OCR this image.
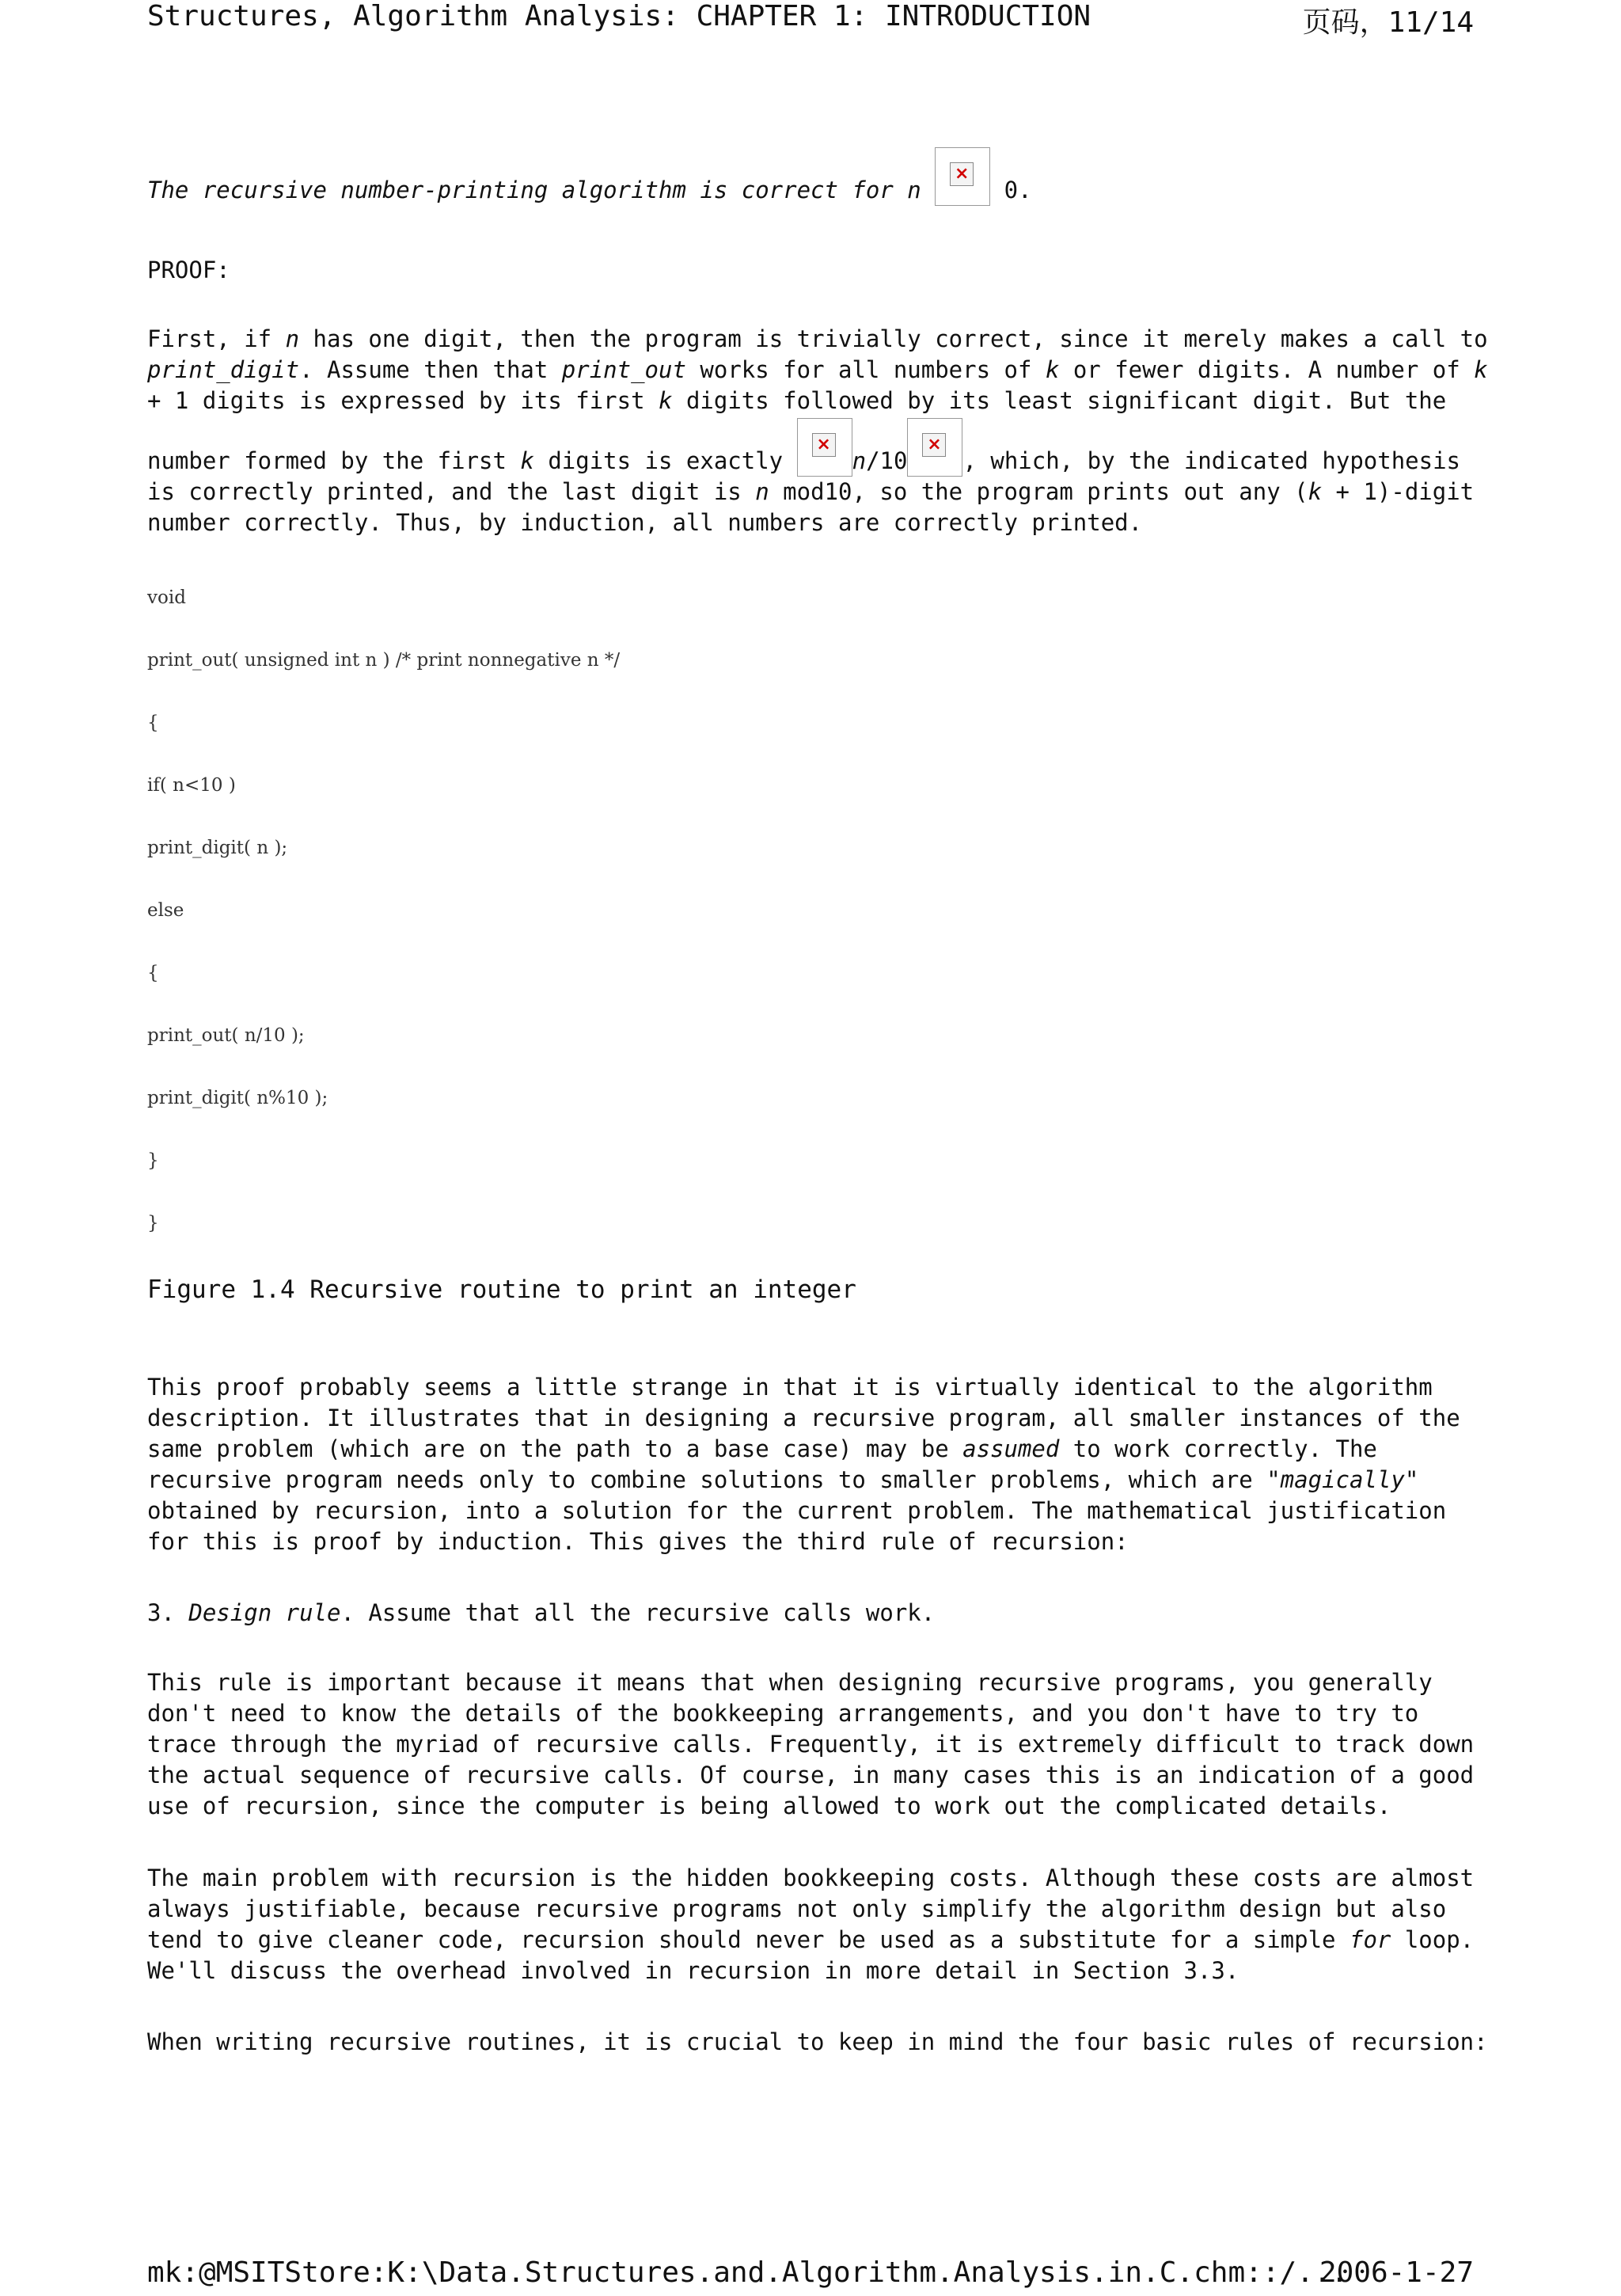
Structures, Algorithm Analysis: CHAPTER 1: INTRODUCTION	页码，11/14
The recursive number-printing algorithm is correct for n
×
0.
PROOF:
First, if n has one digit, then the program is trivially correct, since it merely makes a call to print_digit. Assume then that print_out works for all numbers of k or fewer digits. A number of k + 1 digits is expressed by its first k digits followed by its least significant digit. But the
number formed by the first k digits is exactly
×
n/10
×
, which, by the indicated hypothesis is correctly printed, and the last digit is n mod10, so the program prints out any (k + 1)-digit number correctly. Thus, by induction, all numbers are correctly printed.
void
print_out( unsigned int n ) /* print nonnegative n */
{
if( n<10 )
print_digit( n );
else
{
print_out( n/10 );
print_digit( n%10 );
}
}
Figure 1.4 Recursive routine to print an integer
This proof probably seems a little strange in that it is virtually identical to the algorithm description. It illustrates that in designing a recursive program, all smaller instances of the same problem (which are on the path to a base case) may be assumed to work correctly. The recursive program needs only to combine solutions to smaller problems, which are "magically" obtained by recursion, into a solution for the current problem. The mathematical justification for this is proof by induction. This gives the third rule of recursion:
3. Design rule. Assume that all the recursive calls work.
This rule is important because it means that when designing recursive programs, you generally don't need to know the details of the bookkeeping arrangements, and you don't have to try to trace through the myriad of recursive calls. Frequently, it is extremely difficult to track down the actual sequence of recursive calls. Of course, in many cases this is an indication of a good use of recursion, since the computer is being allowed to work out the complicated details.
The main problem with recursion is the hidden bookkeeping costs. Although these costs are almost always justifiable, because recursive programs not only simplify the algorithm design but also tend to give cleaner code, recursion should never be used as a substitute for a simple for loop. We'll discuss the overhead involved in recursion in more detail in Section 3.3.
When writing recursive routines, it is crucial to keep in mind the four basic rules of recursion:
mk:@MSITStore:K:\Data.Structures.and.Algorithm.Analysis.in.C.chm::/...
2006-1-27
